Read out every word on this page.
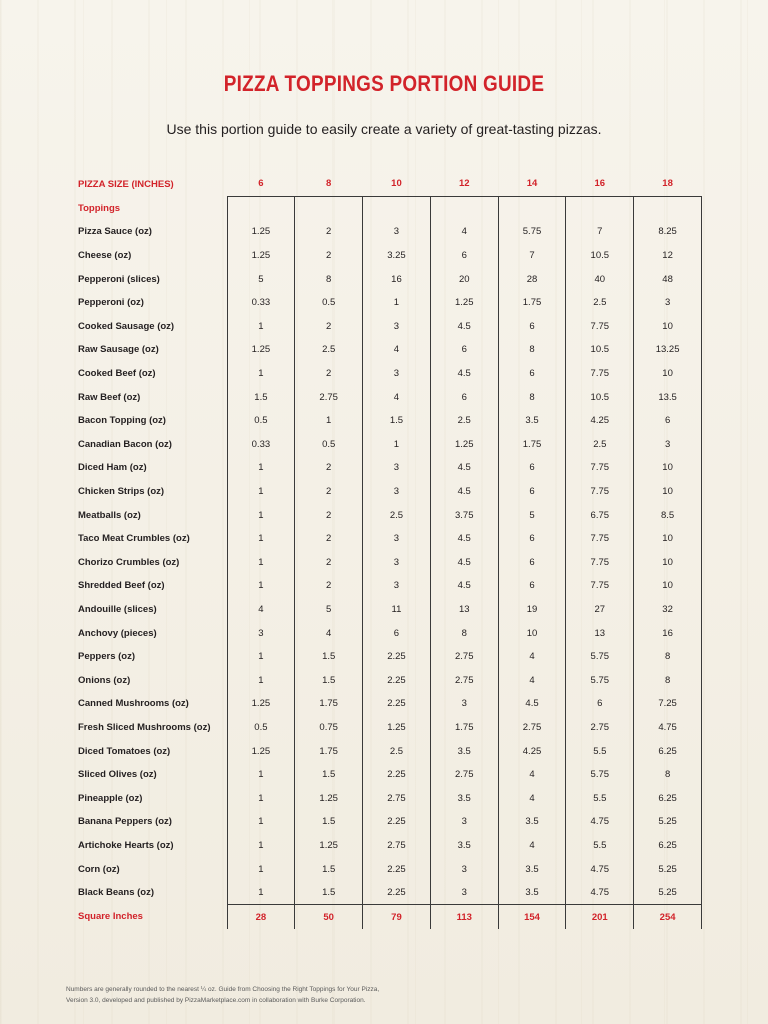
PIZZA TOPPINGS PORTION GUIDE
Use this portion guide to easily create a variety of great-tasting pizzas.
PIZZA SIZE (INCHES)	6	8	10	12	14	16	18
Toppings							
Pizza Sauce (oz)	1.25	2	3	4	5.75	7	8.25
Cheese (oz)	1.25	2	3.25	6	7	10.5	12
Pepperoni (slices)	5	8	16	20	28	40	48
Pepperoni (oz)	0.33	0.5	1	1.25	1.75	2.5	3
Cooked Sausage (oz)	1	2	3	4.5	6	7.75	10
Raw Sausage (oz)	1.25	2.5	4	6	8	10.5	13.25
Cooked Beef (oz)	1	2	3	4.5	6	7.75	10
Raw Beef (oz)	1.5	2.75	4	6	8	10.5	13.5
Bacon Topping (oz)	0.5	1	1.5	2.5	3.5	4.25	6
Canadian Bacon (oz)	0.33	0.5	1	1.25	1.75	2.5	3
Diced Ham (oz)	1	2	3	4.5	6	7.75	10
Chicken Strips (oz)	1	2	3	4.5	6	7.75	10
Meatballs (oz)	1	2	2.5	3.75	5	6.75	8.5
Taco Meat Crumbles (oz)	1	2	3	4.5	6	7.75	10
Chorizo Crumbles (oz)	1	2	3	4.5	6	7.75	10
Shredded Beef (oz)	1	2	3	4.5	6	7.75	10
Andouille (slices)	4	5	11	13	19	27	32
Anchovy (pieces)	3	4	6	8	10	13	16
Peppers (oz)	1	1.5	2.25	2.75	4	5.75	8
Onions (oz)	1	1.5	2.25	2.75	4	5.75	8
Canned Mushrooms (oz)	1.25	1.75	2.25	3	4.5	6	7.25
Fresh Sliced Mushrooms (oz)	0.5	0.75	1.25	1.75	2.75	2.75	4.75
Diced Tomatoes (oz)	1.25	1.75	2.5	3.5	4.25	5.5	6.25
Sliced Olives (oz)	1	1.5	2.25	2.75	4	5.75	8
Pineapple (oz)	1	1.25	2.75	3.5	4	5.5	6.25
Banana Peppers (oz)	1	1.5	2.25	3	3.5	4.75	5.25
Artichoke Hearts (oz)	1	1.25	2.75	3.5	4	5.5	6.25
Corn (oz)	1	1.5	2.25	3	3.5	4.75	5.25
Black Beans (oz)	1	1.5	2.25	3	3.5	4.75	5.25
Square Inches	28	50	79	113	154	201	254
Numbers are generally rounded to the nearest ¼ oz. Guide from Choosing the Right Toppings for Your Pizza,
Version 3.0, developed and published by PizzaMarketplace.com in collaboration with Burke Corporation.
